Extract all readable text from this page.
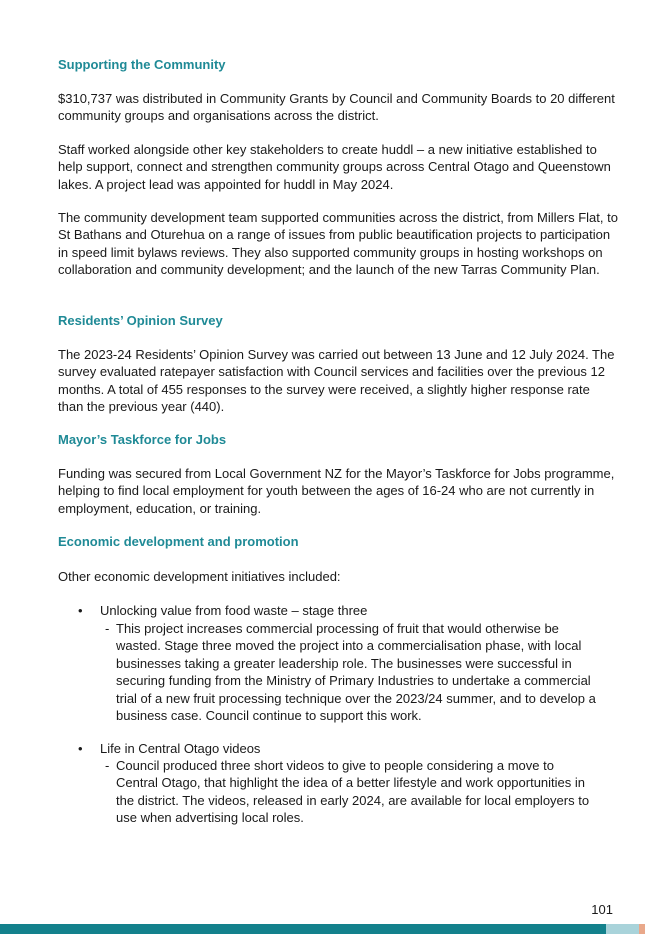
Supporting the Community

$310,737 was distributed in Community Grants by Council and Community Boards to 20 different community groups and organisations across the district.

Staff worked alongside other key stakeholders to create huddl – a new initiative established to help support, connect and strengthen community groups across Central Otago and Queenstown lakes. A project lead was appointed for huddl in May 2024.

The community development team supported communities across the district, from Millers Flat, to St Bathans and Oturehua on a range of issues from public beautification projects to participation in speed limit bylaws reviews. They also supported community groups in hosting workshops on collaboration and community development; and the launch of the new Tarras Community Plan.

Residents’ Opinion Survey

The 2023-24 Residents’ Opinion Survey was carried out between 13 June and 12 July 2024. The survey evaluated ratepayer satisfaction with Council services and facilities over the previous 12 months. A total of 455 responses to the survey were received, a slightly higher response rate than the previous year (440).

Mayor’s Taskforce for Jobs

Funding was secured from Local Government NZ for the Mayor’s Taskforce for Jobs programme, helping to find local employment for youth between the ages of 16-24 who are not currently in employment, education, or training.

Economic development and promotion

Other economic development initiatives included:

• Unlocking value from food waste – stage three
- This project increases commercial processing of fruit that would otherwise be wasted. Stage three moved the project into a commercialisation phase, with local businesses taking a greater leadership role. The businesses were successful in securing funding from the Ministry of Primary Industries to undertake a commercial trial of a new fruit processing technique over the 2023/24 summer, and to develop a business case. Council continue to support this work.

• Life in Central Otago videos
- Council produced three short videos to give to people considering a move to Central Otago, that highlight the idea of a better lifestyle and work opportunities in the district. The videos, released in early 2024, are available for local employers to use when advertising local roles.

101
